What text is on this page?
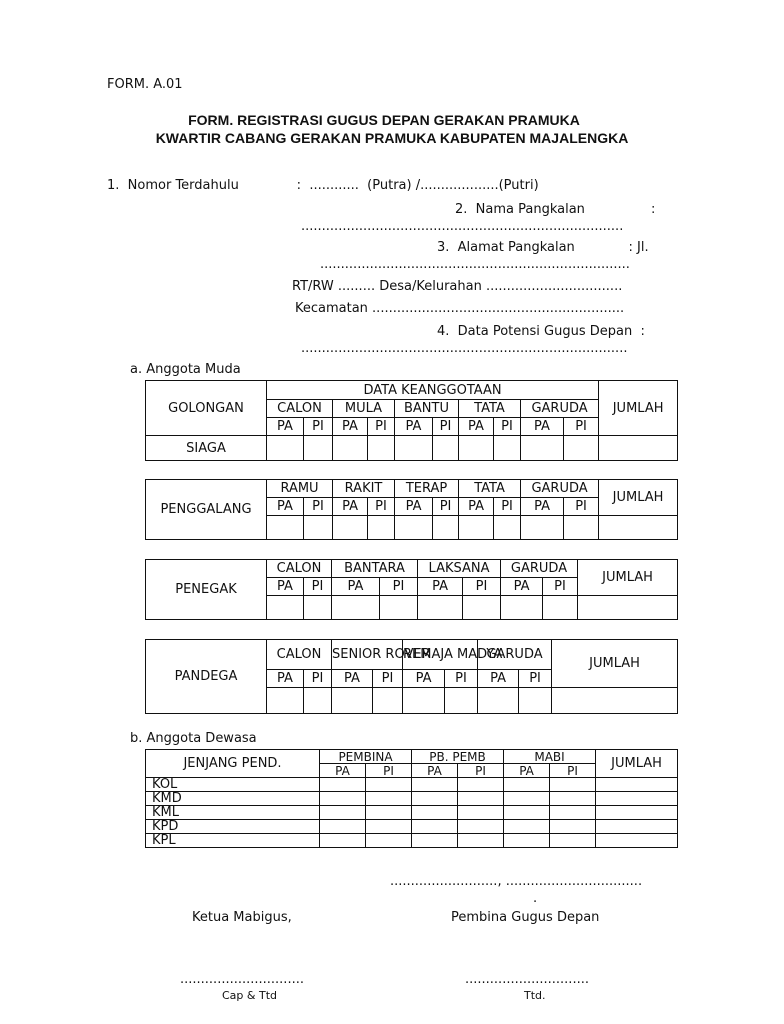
FORM. A.01
FORM. REGISTRASI GUGUS DEPAN GERAKAN PRAMUKA
KWARTIR CABANG GERAKAN PRAMUKA KABUPATEN MAJALENGKA
1.  Nomor Terdahulu              :  ............  (Putra) /...................(Putri)
2.  Nama Pangkalan                :
..............................................................................
3.  Alamat Pangkalan             : Jl.
...........................................................................
RT/RW ......... Desa/Kelurahan .................................
Kecamatan .............................................................
4.  Data Potensi Gugus Depan  :
...............................................................................
a. Anggota Muda
GOLONGAN	DATA KEANGGOTAAN										JUMLAH
	CALON		MULA		BANTU		TATA		GARUDA		
	PA	PI	PA	PI	PA	PI	PA	PI	PA	PI	
SIAGA											
PENGGALANG	RAMU		RAKIT		TERAP		TATA		GARUDA		JUMLAH
	PA	PI	PA	PI	PA	PI	PA	PI	PA	PI	

PENEGAK	CALON		BANTARA		LAKSANA		GARUDA		JUMLAH
	PA	PI	PA	PI	PA	PI	PA	PI	

PANDEGA	CALON		SENIOR ROVER		REMAJA MADYA		GARUDA		JUMLAH
	PA	PI	PA	PI	PA	PI	PA	PI	

b. Anggota Dewasa
JENJANG PEND.	PEMBINA		PB. PEMB		MABI		JUMLAH
	PA	PI	PA	PI	PA	PI	
KOL							
KMD							
KML							
KPD							
KPL							
.........................., .................................
.
Ketua Mabigus,	Pembina Gugus Depan
..............................	..............................
Cap & Ttd	Ttd.
